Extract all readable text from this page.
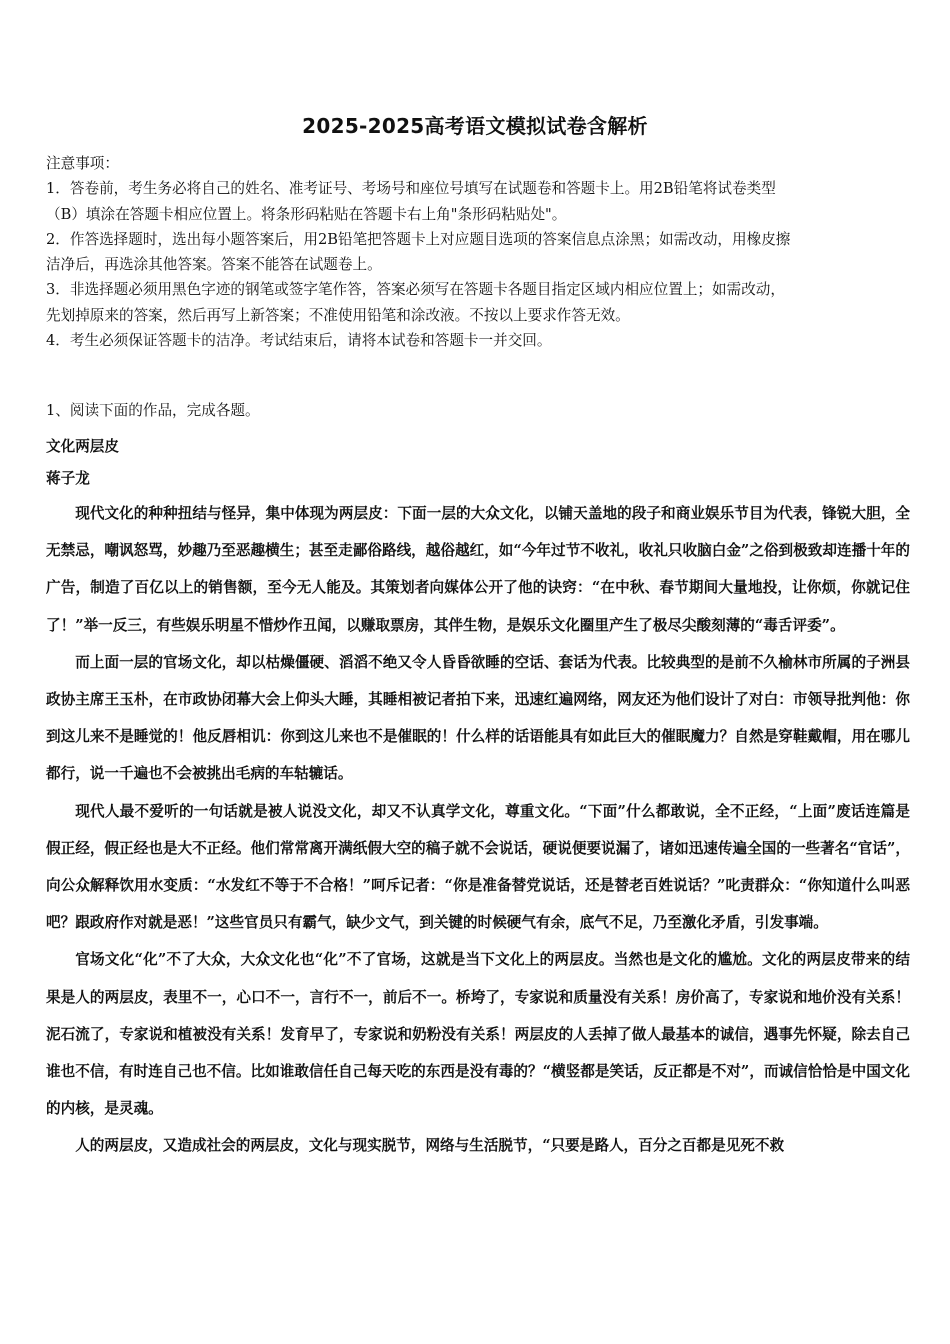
2025-2025高考语文模拟试卷含解析
注意事项：
1．答卷前，考生务必将自己的姓名、准考证号、考场号和座位号填写在试题卷和答题卡上。用2B铅笔将试卷类型
（B）填涂在答题卡相应位置上。将条形码粘贴在答题卡右上角"条形码粘贴处"。
2．作答选择题时，选出每小题答案后，用2B铅笔把答题卡上对应题目选项的答案信息点涂黑；如需改动，用橡皮擦
洁净后，再选涂其他答案。答案不能答在试题卷上。
3．非选择题必须用黑色字迹的钢笔或签字笔作答，答案必须写在答题卡各题目指定区域内相应位置上；如需改动，
先划掉原来的答案，然后再写上新答案；不准使用铅笔和涂改液。不按以上要求作答无效。
4．考生必须保证答题卡的洁净。考试结束后，请将本试卷和答题卡一并交回。
1、阅读下面的作品，完成各题。
文化两层皮
蒋子龙

现代文化的种种扭结与怪异，集中体现为两层皮：下面一层的大众文化，以铺天盖地的段子和商业娱乐节目为代表，锋锐大胆，全无禁忌，嘲讽怒骂，妙趣乃至恶趣横生；甚至走鄙俗路线，越俗越红，如“今年过节不收礼，收礼只收脑白金”之俗到极致却连播十年的广告，制造了百亿以上的销售额，至今无人能及。其策划者向媒体公开了他的诀窍：“在中秋、春节期间大量地投，让你烦，你就记住了！”举一反三，有些娱乐明星不惜炒作丑闻，以赚取票房，其伴生物，是娱乐文化圈里产生了极尽尖酸刻薄的“毒舌评委”。

而上面一层的官场文化，却以枯燥僵硬、滔滔不绝又令人昏昏欲睡的空话、套话为代表。比较典型的是前不久榆林市所属的子洲县政协主席王玉朴，在市政协闭幕大会上仰头大睡，其睡相被记者拍下来，迅速红遍网络，网友还为他们设计了对白：市领导批判他：你到这儿来不是睡觉的！他反唇相讥：你到这儿来也不是催眠的！什么样的话语能具有如此巨大的催眠魔力？自然是穿鞋戴帽，用在哪儿都行，说一千遍也不会被挑出毛病的车轱辘话。

现代人最不爱听的一句话就是被人说没文化，却又不认真学文化，尊重文化。“下面”什么都敢说，全不正经，“上面”废话连篇是假正经，假正经也是大不正经。他们常常离开满纸假大空的稿子就不会说话，硬说便要说漏了，诸如迅速传遍全国的一些著名“官话”，向公众解释饮用水变质：“水发红不等于不合格！”呵斥记者：“你是准备替党说话，还是替老百姓说话？”叱责群众：“你知道什么叫恶吧？跟政府作对就是恶！”这些官员只有霸气，缺少文气，到关键的时候硬气有余，底气不足，乃至激化矛盾，引发事端。

官场文化“化”不了大众，大众文化也“化”不了官场，这就是当下文化上的两层皮。当然也是文化的尴尬。文化的两层皮带来的结果是人的两层皮，表里不一，心口不一，言行不一，前后不一。桥垮了，专家说和质量没有关系！房价高了，专家说和地价没有关系！泥石流了，专家说和植被没有关系！发育早了，专家说和奶粉没有关系！两层皮的人丢掉了做人最基本的诚信，遇事先怀疑，除去自己谁也不信，有时连自己也不信。比如谁敢信任自己每天吃的东西是没有毒的？“横竖都是笑话，反正都是不对”，而诚信恰恰是中国文化的内核，是灵魂。

人的两层皮，又造成社会的两层皮，文化与现实脱节，网络与生活脱节，“只要是路人，百分之百都是见死不救
